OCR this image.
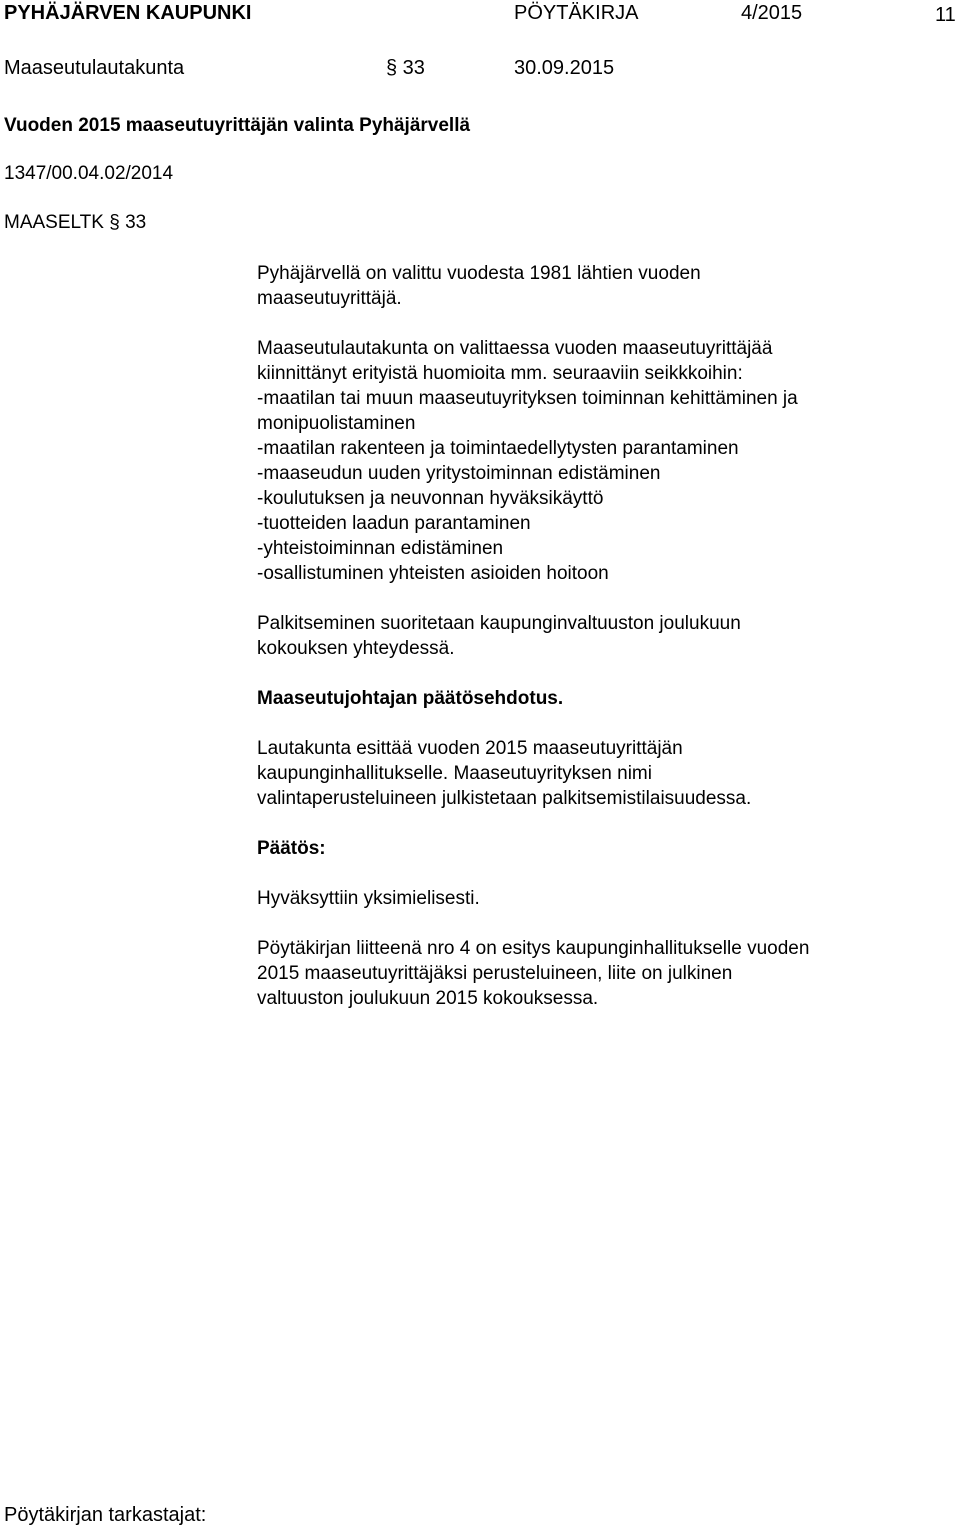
PYHÄJÄRVEN KAUPUNKI	PÖYTÄKIRJA	4/2015	11
Maaseutulautakunta	§ 33	30.09.2015
Vuoden 2015 maaseutuyrittäjän valinta Pyhäjärvellä
1347/00.04.02/2014
MAASELTK § 33

Pyhäjärvellä on valittu vuodesta 1981 lähtien vuoden
maaseutuyrittäjä.

Maaseutulautakunta on valittaessa vuoden maaseutuyrittäjää
kiinnittänyt erityistä huomioita mm. seuraaviin seikkkoihin:
-maatilan tai muun maaseutuyrityksen toiminnan kehittäminen ja
monipuolistaminen
-maatilan rakenteen ja toimintaedellytysten parantaminen
-maaseudun uuden yritystoiminnan edistäminen
-koulutuksen ja neuvonnan hyväksikäyttö
-tuotteiden laadun parantaminen
-yhteistoiminnan edistäminen
-osallistuminen yhteisten asioiden hoitoon

Palkitseminen suoritetaan kaupunginvaltuuston joulukuun
kokouksen yhteydessä.

Maaseutujohtajan päätösehdotus.

Lautakunta esittää vuoden 2015 maaseutuyrittäjän
kaupunginhallitukselle. Maaseutuyrityksen nimi
valintaperusteluineen julkistetaan palkitsemistilaisuudessa.

Päätös:

Hyväksyttiin yksimielisesti.

Pöytäkirjan liitteenä nro 4 on esitys kaupunginhallitukselle vuoden
2015 maaseutuyrittäjäksi perusteluineen, liite on julkinen
valtuuston joulukuun 2015 kokouksessa.

Pöytäkirjan tarkastajat:
